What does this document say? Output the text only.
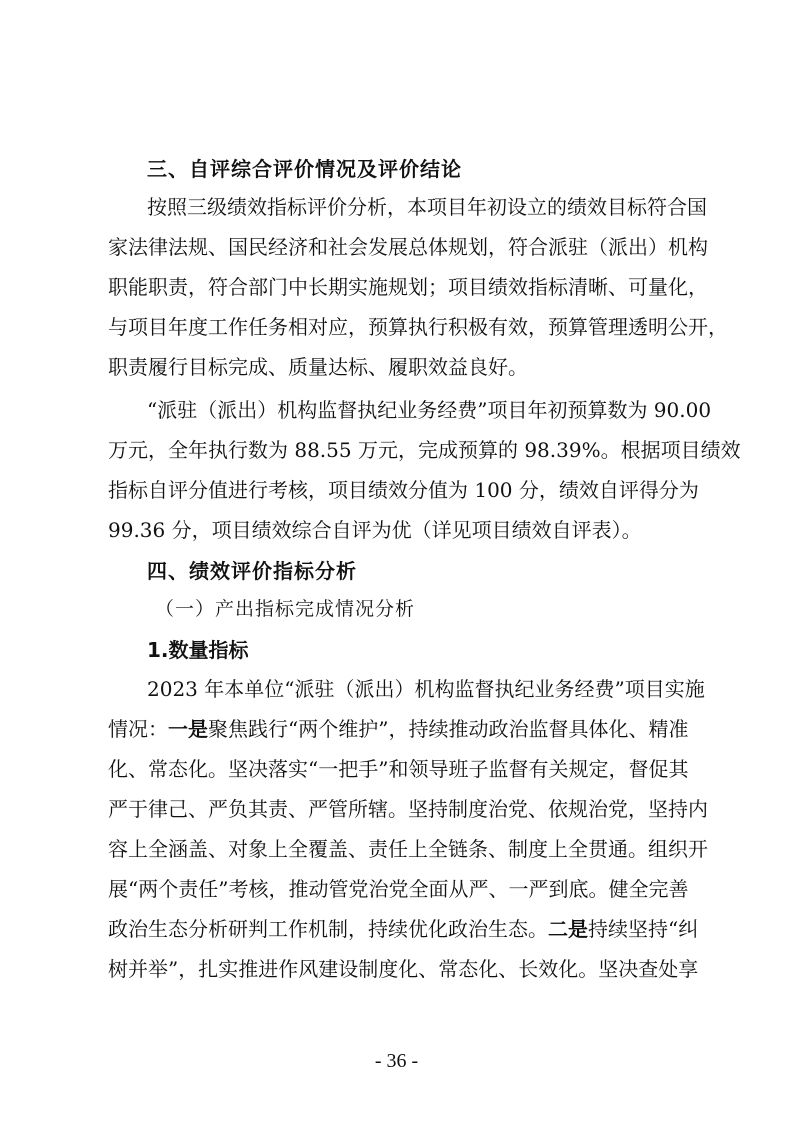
三、自评综合评价情况及评价结论
按照三级绩效指标评价分析，本项目年初设立的绩效目标符合国
家法律法规、国民经济和社会发展总体规划，符合派驻（派出）机构
职能职责，符合部门中长期实施规划；项目绩效指标清晰、可量化，
与项目年度工作任务相对应，预算执行积极有效，预算管理透明公开，
职责履行目标完成、质量达标、履职效益良好。
“派驻（派出）机构监督执纪业务经费”项目年初预算数为 90.00
万元，全年执行数为 88.55 万元，完成预算的 98.39%。根据项目绩效
指标自评分值进行考核，项目绩效分值为 100 分，绩效自评得分为
99.36 分，项目绩效综合自评为优（详见项目绩效自评表）。
四、绩效评价指标分析
（一）产出指标完成情况分析
1.数量指标
2023 年本单位“派驻（派出）机构监督执纪业务经费”项目实施
情况：一是聚焦践行“两个维护”，持续推动政治监督具体化、精准
化、常态化。坚决落实“一把手”和领导班子监督有关规定，督促其
严于律己、严负其责、严管所辖。坚持制度治党、依规治党，坚持内
容上全涵盖、对象上全覆盖、责任上全链条、制度上全贯通。组织开
展“两个责任”考核，推动管党治党全面从严、一严到底。健全完善
政治生态分析研判工作机制，持续优化政治生态。二是持续坚持“纠
树并举”，扎实推进作风建设制度化、常态化、长效化。坚决查处享
- 36 -
